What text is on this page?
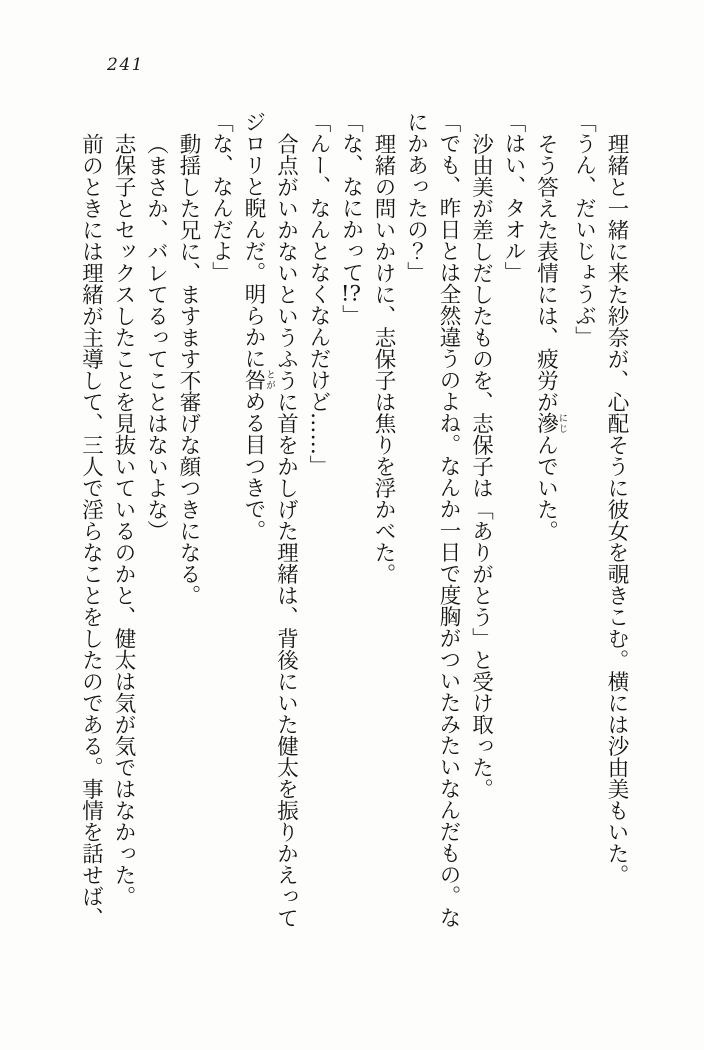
241

理緒と一緒に来た紗奈が、心配そうに彼女を覗きこむ。横には沙由美もいた。

「うん、だいじょうぶ」

そう答えた表情には、疲労が滲にじんでいた。

「はい、タオル」

沙由美が差しだしたものを、志保子は「ありがとう」と受け取った。

「でも、昨日とは全然違うのよね。なんか一日で度胸がついたみたいなんだもの。なにかあったの？」

理緒の問いかけに、志保子は焦りを浮かべた。

「な、なにかって!?」

「んー、なんとなくなんだけど……」

合点がいかないというふうに首をかしげた理緒は、背後にいた健太を振りかえってジロリと睨んだ。明らかに咎とがめる目つきで。

「な、なんだよ」

動揺した兄に、ますます不審げな顔つきになる。

（まさか、バレてるってことはないよな）

志保子とセックスしたことを見抜いているのかと、健太は気が気ではなかった。

前のときには理緒が主導して、三人で淫らなことをしたのである。事情を話せば、
